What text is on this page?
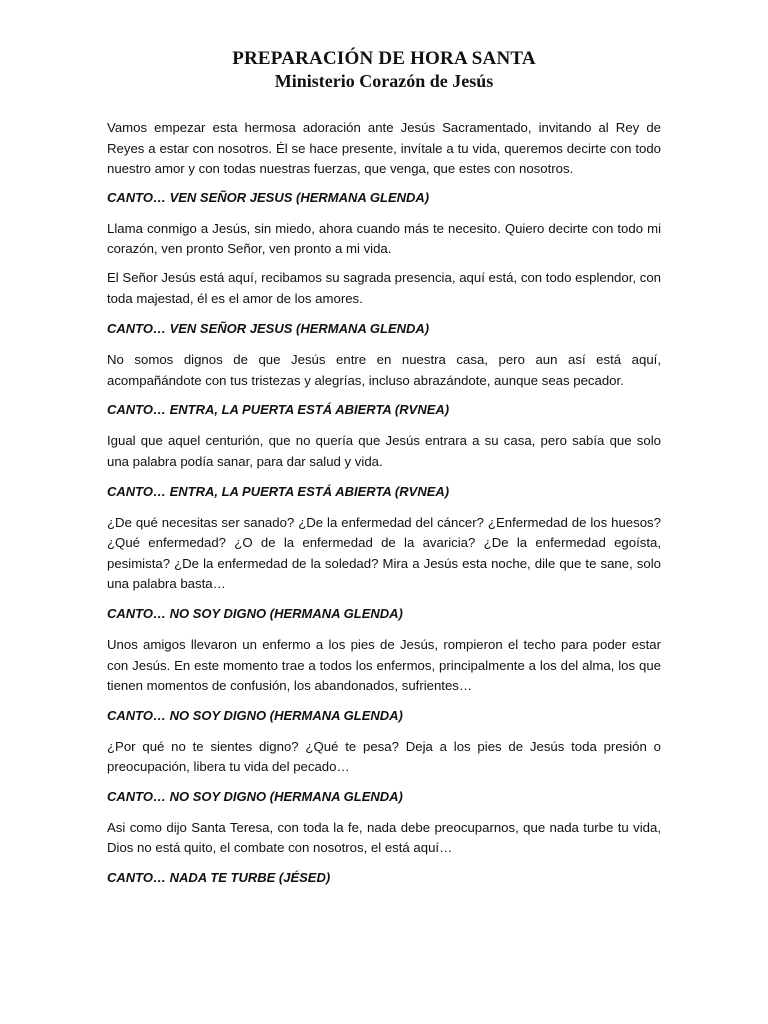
PREPARACIÓN DE HORA SANTA
Ministerio Corazón de Jesús

Vamos empezar esta hermosa adoración ante Jesús Sacramentado, invitando al Rey de Reyes a estar con nosotros. Él se hace presente, invítale a tu vida, queremos decirte con todo nuestro amor y con todas nuestras fuerzas, que venga, que estes con nosotros.

CANTO… VEN SEÑOR JESUS (HERMANA GLENDA)

Llama conmigo a Jesús, sin miedo, ahora cuando más te necesito. Quiero decirte con todo mi corazón, ven pronto Señor, ven pronto a mi vida.

El Señor Jesús está aquí, recibamos su sagrada presencia, aquí está, con todo esplendor, con toda majestad, él es el amor de los amores.

CANTO… VEN SEÑOR JESUS (HERMANA GLENDA)

No somos dignos de que Jesús entre en nuestra casa, pero aun así está aquí, acompañándote con tus tristezas y alegrías, incluso abrazándote, aunque seas pecador.

CANTO… ENTRA, LA PUERTA ESTÁ ABIERTA (RVNEA)

Igual que aquel centurión, que no quería que Jesús entrara a su casa, pero sabía que solo una palabra podía sanar, para dar salud y vida.

CANTO… ENTRA, LA PUERTA ESTÁ ABIERTA (RVNEA)

¿De qué necesitas ser sanado? ¿De la enfermedad del cáncer? ¿Enfermedad de los huesos? ¿Qué enfermedad? ¿O de la enfermedad de la avaricia? ¿De la enfermedad egoísta, pesimista? ¿De la enfermedad de la soledad? Mira a Jesús esta noche, dile que te sane, solo una palabra basta…

CANTO… NO SOY DIGNO (HERMANA GLENDA)

Unos amigos llevaron un enfermo a los pies de Jesús, rompieron el techo para poder estar con Jesús. En este momento trae a todos los enfermos, principalmente a los del alma, los que tienen momentos de confusión, los abandonados, sufrientes…

CANTO… NO SOY DIGNO (HERMANA GLENDA)

¿Por qué no te sientes digno? ¿Qué te pesa? Deja a los pies de Jesús toda presión o preocupación, libera tu vida del pecado…

CANTO… NO SOY DIGNO (HERMANA GLENDA)

Asi como dijo Santa Teresa, con toda la fe, nada debe preocuparnos, que nada turbe tu vida, Dios no está quito, el combate con nosotros, el está aquí…

CANTO… NADA TE TURBE (JÉSED)
